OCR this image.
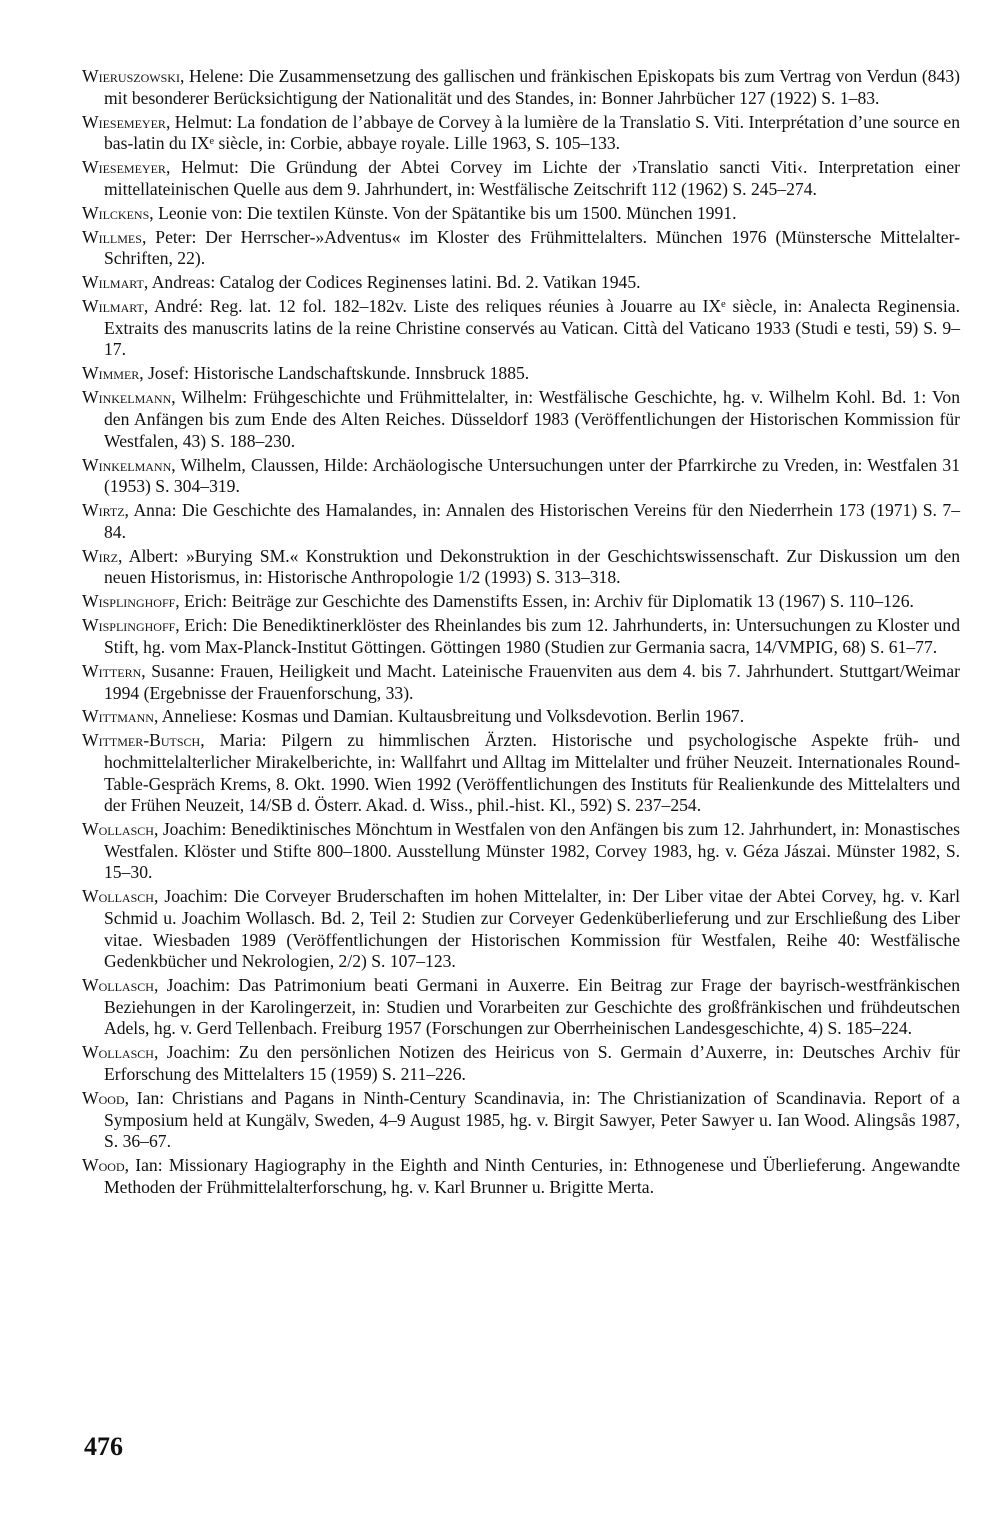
Wieruszowski, Helene: Die Zusammensetzung des gallischen und fränkischen Episkopats bis zum Vertrag von Verdun (843) mit besonderer Berücksichtigung der Nationalität und des Standes, in: Bonner Jahrbücher 127 (1922) S. 1–83.

Wiesemeyer, Helmut: La fondation de l’abbaye de Corvey à la lumière de la Translatio S. Viti. Interprétation d’une source en bas-latin du IXᵉ siècle, in: Corbie, abbaye royale. Lille 1963, S. 105–133.

Wiesemeyer, Helmut: Die Gründung der Abtei Corvey im Lichte der ›Translatio sancti Viti‹. Interpretation einer mittellateinischen Quelle aus dem 9. Jahrhundert, in: Westfälische Zeitschrift 112 (1962) S. 245–274.

Wilckens, Leonie von: Die textilen Künste. Von der Spätantike bis um 1500. München 1991.

Willmes, Peter: Der Herrscher-»Adventus« im Kloster des Frühmittelalters. München 1976 (Münstersche Mittelalter-Schriften, 22).

Wilmart, Andreas: Catalog der Codices Reginenses latini. Bd. 2. Vatikan 1945.

Wilmart, André: Reg. lat. 12 fol. 182–182v. Liste des reliques réunies à Jouarre au IXᵉ siècle, in: Analecta Reginensia. Extraits des manuscrits latins de la reine Christine conservés au Vatican. Città del Vaticano 1933 (Studi e testi, 59) S. 9–17.

Wimmer, Josef: Historische Landschaftskunde. Innsbruck 1885.

Winkelmann, Wilhelm: Frühgeschichte und Frühmittelalter, in: Westfälische Geschichte, hg. v. Wilhelm Kohl. Bd. 1: Von den Anfängen bis zum Ende des Alten Reiches. Düsseldorf 1983 (Veröffentlichungen der Historischen Kommission für Westfalen, 43) S. 188–230.

Winkelmann, Wilhelm, Claussen, Hilde: Archäologische Untersuchungen unter der Pfarrkirche zu Vreden, in: Westfalen 31 (1953) S. 304–319.

Wirtz, Anna: Die Geschichte des Hamalandes, in: Annalen des Historischen Vereins für den Niederrhein 173 (1971) S. 7–84.

Wirz, Albert: »Burying SM.« Konstruktion und Dekonstruktion in der Geschichtswissenschaft. Zur Diskussion um den neuen Historismus, in: Historische Anthropologie 1/2 (1993) S. 313–318.

Wisplinghoff, Erich: Beiträge zur Geschichte des Damenstifts Essen, in: Archiv für Diplomatik 13 (1967) S. 110–126.

Wisplinghoff, Erich: Die Benediktinerklöster des Rheinlandes bis zum 12. Jahrhunderts, in: Untersuchungen zu Kloster und Stift, hg. vom Max-Planck-Institut Göttingen. Göttingen 1980 (Studien zur Germania sacra, 14/VMPIG, 68) S. 61–77.

Wittern, Susanne: Frauen, Heiligkeit und Macht. Lateinische Frauenviten aus dem 4. bis 7. Jahrhundert. Stuttgart/Weimar 1994 (Ergebnisse der Frauenforschung, 33).

Wittmann, Anneliese: Kosmas und Damian. Kultausbreitung und Volksdevotion. Berlin 1967.

Wittmer-Butsch, Maria: Pilgern zu himmlischen Ärzten. Historische und psychologische Aspekte früh- und hochmittelalterlicher Mirakelberichte, in: Wallfahrt und Alltag im Mittelalter und früher Neuzeit. Internationales Round-Table-Gespräch Krems, 8. Okt. 1990. Wien 1992 (Veröffentlichungen des Instituts für Realienkunde des Mittelalters und der Frühen Neuzeit, 14/SB d. Österr. Akad. d. Wiss., phil.-hist. Kl., 592) S. 237–254.

Wollasch, Joachim: Benediktinisches Mönchtum in Westfalen von den Anfängen bis zum 12. Jahrhundert, in: Monastisches Westfalen. Klöster und Stifte 800–1800. Ausstellung Münster 1982, Corvey 1983, hg. v. Géza Jászai. Münster 1982, S. 15–30.

Wollasch, Joachim: Die Corveyer Bruderschaften im hohen Mittelalter, in: Der Liber vitae der Abtei Corvey, hg. v. Karl Schmid u. Joachim Wollasch. Bd. 2, Teil 2: Studien zur Corveyer Gedenküberlieferung und zur Erschließung des Liber vitae. Wiesbaden 1989 (Veröffentlichungen der Historischen Kommission für Westfalen, Reihe 40: Westfälische Gedenkbücher und Nekrologien, 2/2) S. 107–123.

Wollasch, Joachim: Das Patrimonium beati Germani in Auxerre. Ein Beitrag zur Frage der bayrisch-westfränkischen Beziehungen in der Karolingerzeit, in: Studien und Vorarbeiten zur Geschichte des großfränkischen und frühdeutschen Adels, hg. v. Gerd Tellenbach. Freiburg 1957 (Forschungen zur Oberrheinischen Landesgeschichte, 4) S. 185–224.

Wollasch, Joachim: Zu den persönlichen Notizen des Heiricus von S. Germain d’Auxerre, in: Deutsches Archiv für Erforschung des Mittelalters 15 (1959) S. 211–226.

Wood, Ian: Christians and Pagans in Ninth-Century Scandinavia, in: The Christianization of Scandinavia. Report of a Symposium held at Kungälv, Sweden, 4–9 August 1985, hg. v. Birgit Sawyer, Peter Sawyer u. Ian Wood. Alingsås 1987, S. 36–67.

Wood, Ian: Missionary Hagiography in the Eighth and Ninth Centuries, in: Ethnogenese und Überlieferung. Angewandte Methoden der Frühmittelalterforschung, hg. v. Karl Brunner u. Brigitte Merta.

476
